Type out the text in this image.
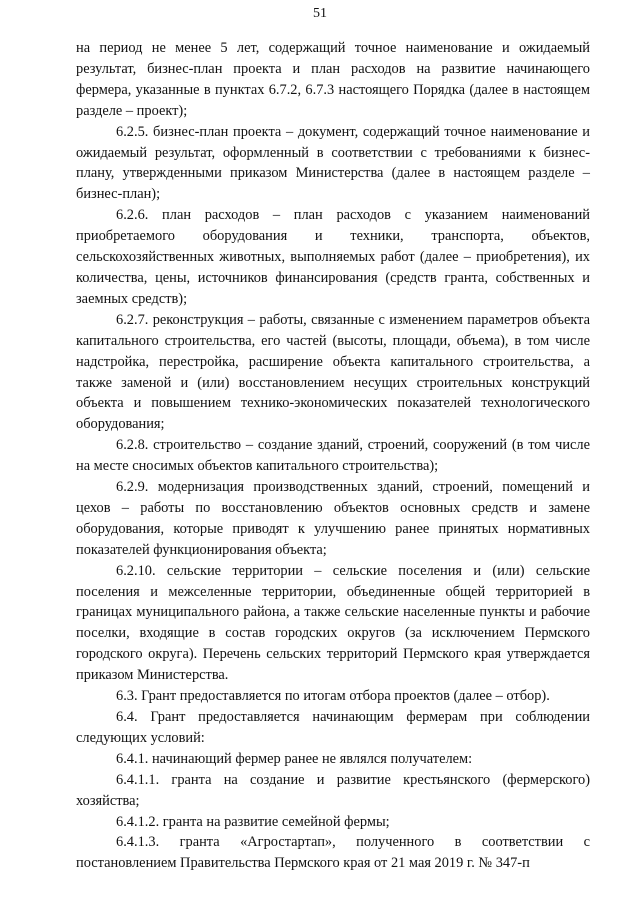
51

на период не менее 5 лет, содержащий точное наименование и ожидаемый результат, бизнес-план проекта и план расходов на развитие начинающего фермера, указанные в пунктах 6.7.2, 6.7.3 настоящего Порядка (далее в настоящем разделе – проект);

6.2.5. бизнес-план проекта – документ, содержащий точное наименование и ожидаемый результат, оформленный в соответствии с требованиями к бизнес-плану, утвержденными приказом Министерства (далее в настоящем разделе – бизнес-план);

6.2.6. план расходов – план расходов с указанием наименований приобретаемого оборудования и техники, транспорта, объектов, сельскохозяйственных животных, выполняемых работ (далее – приобретения), их количества, цены, источников финансирования (средств гранта, собственных и заемных средств);

6.2.7. реконструкция – работы, связанные с изменением параметров объекта капитального строительства, его частей (высоты, площади, объема), в том числе надстройка, перестройка, расширение объекта капитального строительства, а также заменой и (или) восстановлением несущих строительных конструкций объекта и повышением технико-экономических показателей технологического оборудования;

6.2.8. строительство – создание зданий, строений, сооружений (в том числе на месте сносимых объектов капитального строительства);

6.2.9. модернизация производственных зданий, строений, помещений и цехов – работы по восстановлению объектов основных средств и замене оборудования, которые приводят к улучшению ранее принятых нормативных показателей функционирования объекта;

6.2.10. сельские территории – сельские поселения и (или) сельские поселения и межселенные территории, объединенные общей территорией в границах муниципального района, а также сельские населенные пункты и рабочие поселки, входящие в состав городских округов (за исключением Пермского городского округа). Перечень сельских территорий Пермского края утверждается приказом Министерства.

6.3. Грант предоставляется по итогам отбора проектов (далее – отбор).

6.4. Грант предоставляется начинающим фермерам при соблюдении следующих условий:

6.4.1. начинающий фермер ранее не являлся получателем:

6.4.1.1. гранта на создание и развитие крестьянского (фермерского) хозяйства;

6.4.1.2. гранта на развитие семейной фермы;

6.4.1.3. гранта «Агростартап», полученного в соответствии с постановлением Правительства Пермского края от 21 мая 2019 г. № 347-п
